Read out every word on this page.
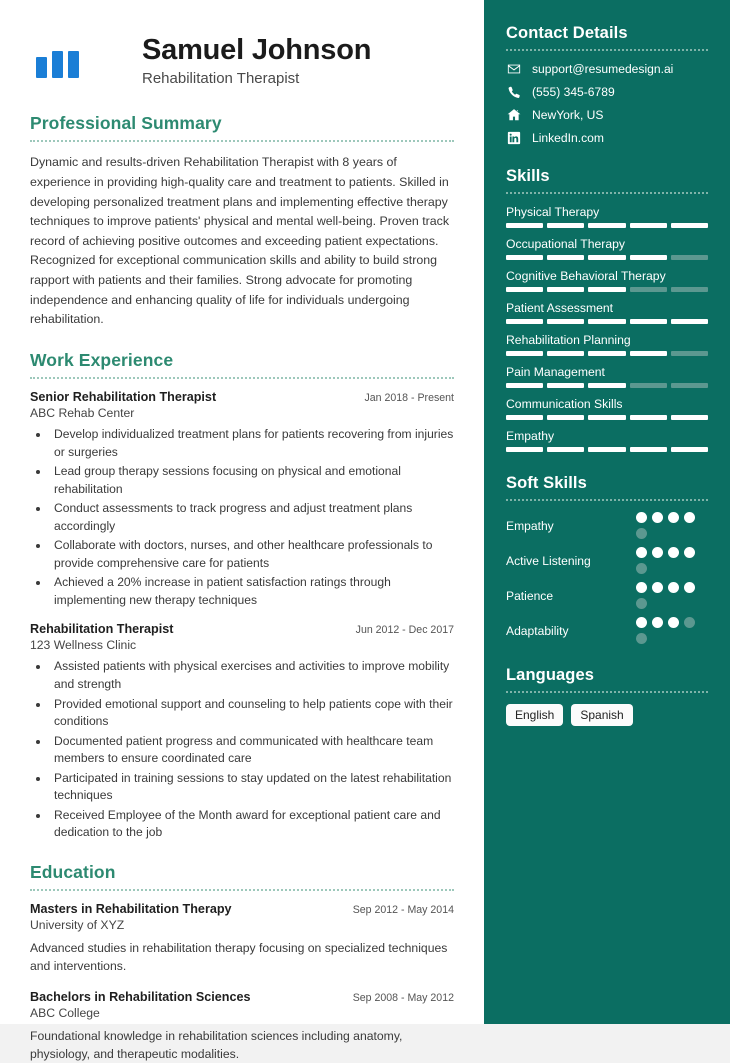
Samuel Johnson
Rehabilitation Therapist
Professional Summary
Dynamic and results-driven Rehabilitation Therapist with 8 years of experience in providing high-quality care and treatment to patients. Skilled in developing personalized treatment plans and implementing effective therapy techniques to improve patients' physical and mental well-being. Proven track record of achieving positive outcomes and exceeding patient expectations. Recognized for exceptional communication skills and ability to build strong rapport with patients and their families. Strong advocate for promoting independence and enhancing quality of life for individuals undergoing rehabilitation.
Work Experience
Senior Rehabilitation Therapist	Jan 2018 - Present
ABC Rehab Center
• Develop individualized treatment plans for patients recovering from injuries or surgeries
• Lead group therapy sessions focusing on physical and emotional rehabilitation
• Conduct assessments to track progress and adjust treatment plans accordingly
• Collaborate with doctors, nurses, and other healthcare professionals to provide comprehensive care for patients
• Achieved a 20% increase in patient satisfaction ratings through implementing new therapy techniques
Rehabilitation Therapist	Jun 2012 - Dec 2017
123 Wellness Clinic
• Assisted patients with physical exercises and activities to improve mobility and strength
• Provided emotional support and counseling to help patients cope with their conditions
• Documented patient progress and communicated with healthcare team members to ensure coordinated care
• Participated in training sessions to stay updated on the latest rehabilitation techniques
• Received Employee of the Month award for exceptional patient care and dedication to the job
Education
Masters in Rehabilitation Therapy	Sep 2012 - May 2014
University of XYZ
Advanced studies in rehabilitation therapy focusing on specialized techniques and interventions.
Bachelors in Rehabilitation Sciences	Sep 2008 - May 2012
ABC College
Foundational knowledge in rehabilitation sciences including anatomy, physiology, and therapeutic modalities.
Contact Details
support@resumedesign.ai
(555) 345-6789
NewYork, US
LinkedIn.com
Skills
Physical Therapy
Occupational Therapy
Cognitive Behavioral Therapy
Patient Assessment
Rehabilitation Planning
Pain Management
Communication Skills
Empathy
Soft Skills
Empathy
Active Listening
Patience
Adaptability
Languages
English	Spanish
